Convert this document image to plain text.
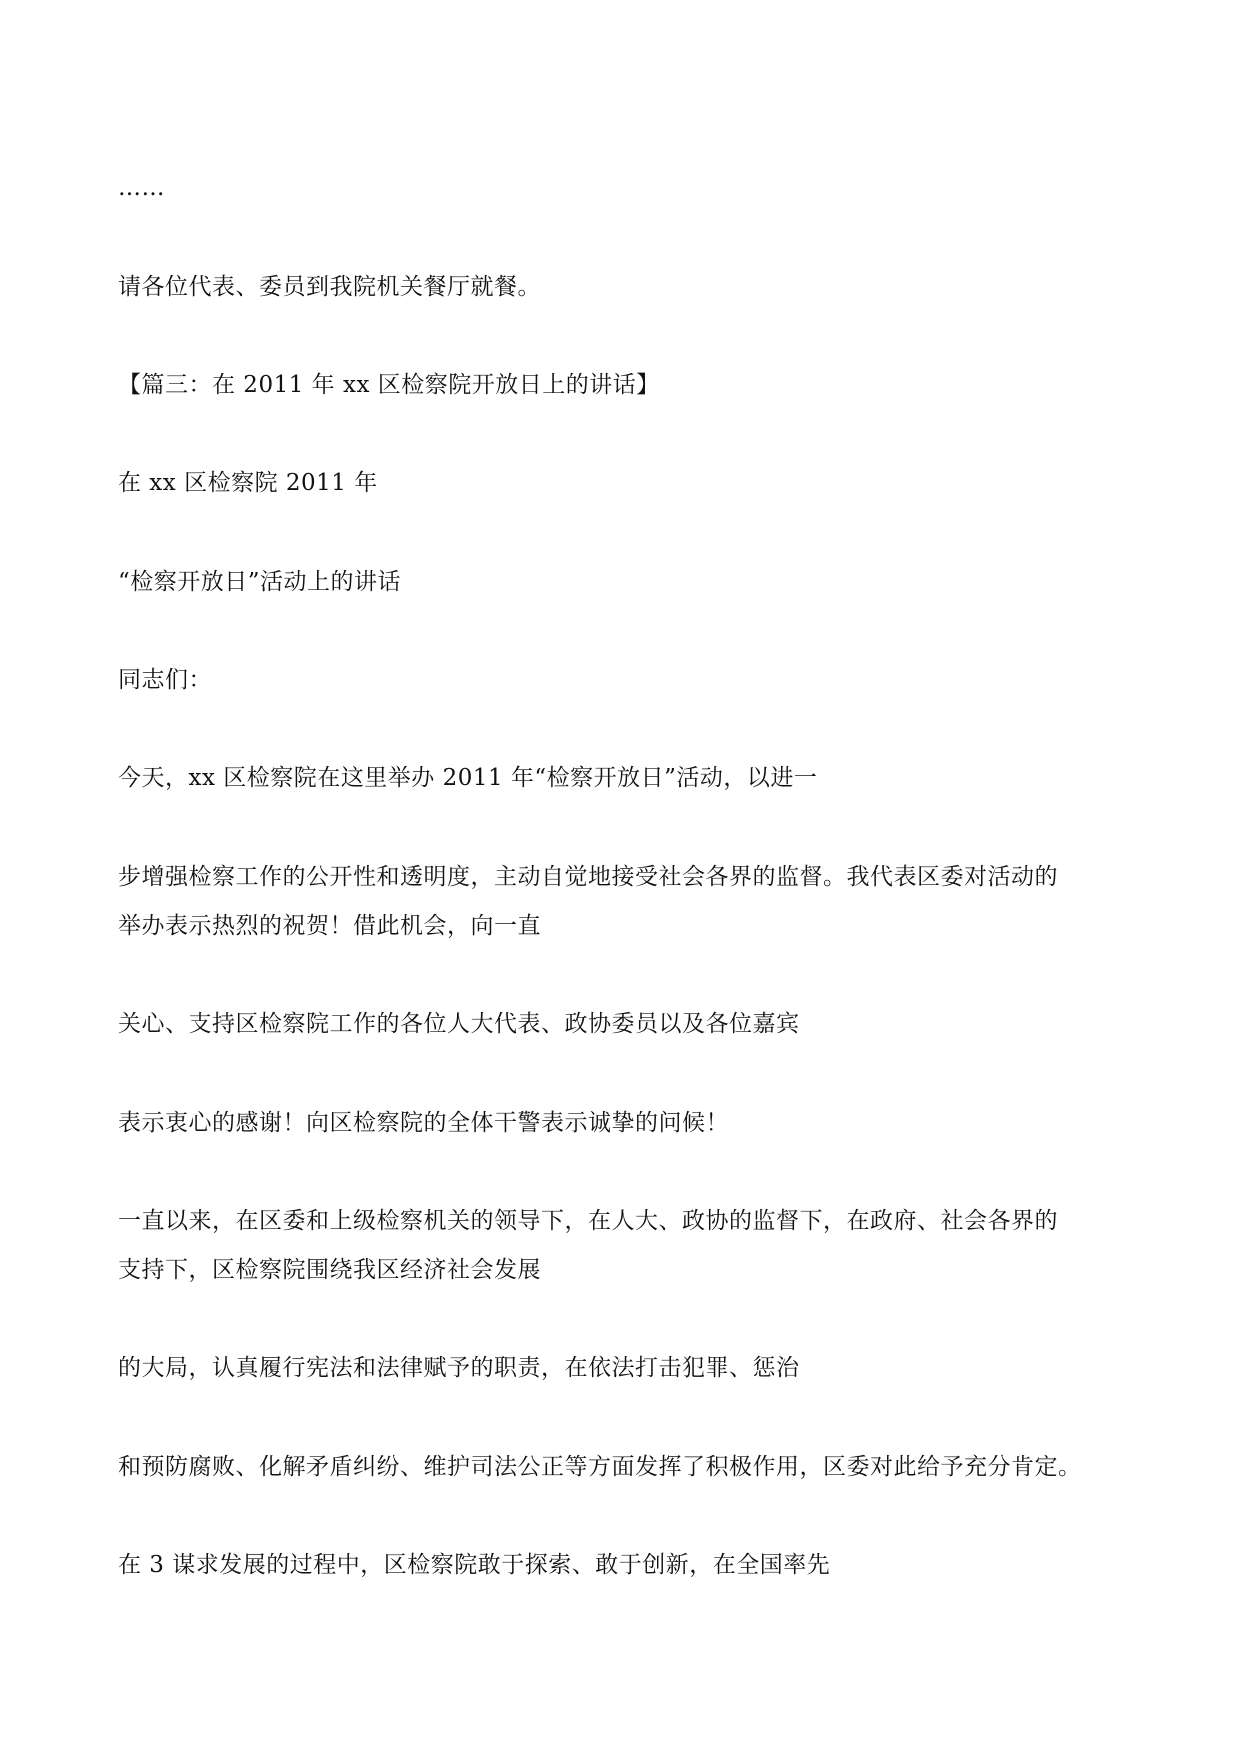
……
请各位代表、委员到我院机关餐厅就餐。
【篇三：在 2011 年 xx 区检察院开放日上的讲话】
在 xx 区检察院 2011 年
“检察开放日”活动上的讲话
同志们：
今天，xx 区检察院在这里举办 2011 年“检察开放日”活动，以进一
步增强检察工作的公开性和透明度，主动自觉地接受社会各界的监督。我代表区委对活动的
举办表示热烈的祝贺！借此机会，向一直
关心、支持区检察院工作的各位人大代表、政协委员以及各位嘉宾
表示衷心的感谢！向区检察院的全体干警表示诚挚的问候！
一直以来，在区委和上级检察机关的领导下，在人大、政协的监督下，在政府、社会各界的
支持下，区检察院围绕我区经济社会发展
的大局，认真履行宪法和法律赋予的职责，在依法打击犯罪、惩治
和预防腐败、化解矛盾纠纷、维护司法公正等方面发挥了积极作用，区委对此给予充分肯定。
在 3 谋求发展的过程中，区检察院敢于探索、敢于创新，在全国率先
